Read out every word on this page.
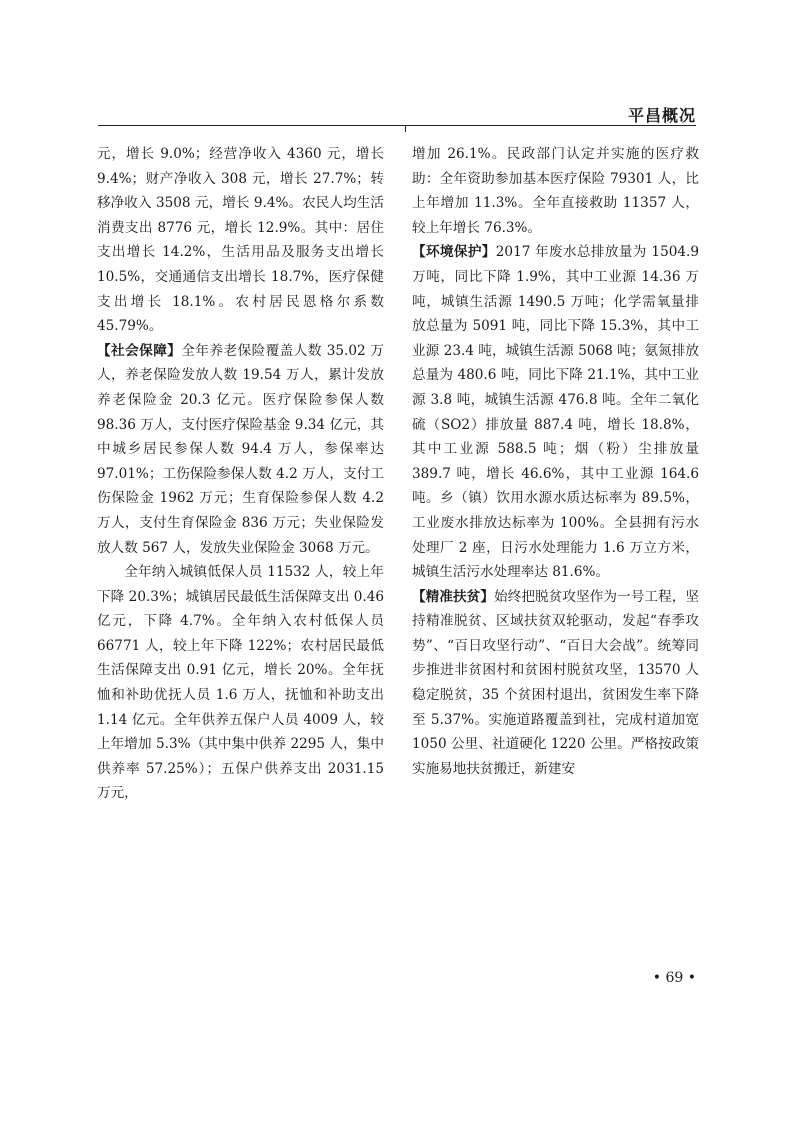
平昌概况

元，增长 9.0%；经营净收入 4360 元，增长 9.4%；财产净收入 308 元，增长 27.7%；转移净收入 3508 元，增长 9.4%。农民人均生活消费支出 8776 元，增长 12.9%。其中：居住支出增长 14.2%，生活用品及服务支出增长 10.5%，交通通信支出增长 18.7%，医疗保健支出增长 18.1%。农村居民恩格尔系数 45.79%。

【社会保障】全年养老保险覆盖人数 35.02 万人，养老保险发放人数 19.54 万人，累计发放养老保险金 20.3 亿元。医疗保险参保人数 98.36 万人，支付医疗保险基金 9.34 亿元，其中城乡居民参保人数 94.4 万人，参保率达 97.01%；工伤保险参保人数 4.2 万人，支付工伤保险金 1962 万元；生育保险参保人数 4.2 万人，支付生育保险金 836 万元；失业保险发放人数 567 人，发放失业保险金 3068 万元。

全年纳入城镇低保人员 11532 人，较上年下降 20.3%；城镇居民最低生活保障支出 0.46 亿元，下降 4.7%。全年纳入农村低保人员 66771 人，较上年下降 122%；农村居民最低生活保障支出 0.91 亿元，增长 20%。全年抚恤和补助优抚人员 1.6 万人，抚恤和补助支出 1.14 亿元。全年供养五保户人员 4009 人，较上年增加 5.3%（其中集中供养 2295 人，集中供养率 57.25%）；五保户供养支出 2031.15 万元，

增加 26.1%。民政部门认定并实施的医疗救助：全年资助参加基本医疗保险 79301 人，比上年增加 11.3%。全年直接救助 11357 人，较上年增长 76.3%。

【环境保护】2017 年废水总排放量为 1504.9 万吨，同比下降 1.9%，其中工业源 14.36 万吨，城镇生活源 1490.5 万吨；化学需氧量排放总量为 5091 吨，同比下降 15.3%，其中工业源 23.4 吨，城镇生活源 5068 吨；氨氮排放总量为 480.6 吨，同比下降 21.1%，其中工业源 3.8 吨，城镇生活源 476.8 吨。全年二氧化硫（SO2）排放量 887.4 吨，增长 18.8%，其中工业源 588.5 吨；烟（粉）尘排放量 389.7 吨，增长 46.6%，其中工业源 164.6 吨。乡（镇）饮用水源水质达标率为 89.5%，工业废水排放达标率为 100%。全县拥有污水处理厂 2 座，日污水处理能力 1.6 万立方米，城镇生活污水处理率达 81.6%。

【精准扶贫】始终把脱贫攻坚作为一号工程，坚持精准脱贫、区域扶贫双轮驱动，发起“春季攻势”、“百日攻坚行动”、“百日大会战”。统筹同步推进非贫困村和贫困村脱贫攻坚，13570 人稳定脱贫，35 个贫困村退出，贫困发生率下降至 5.37%。实施道路覆盖到社，完成村道加宽 1050 公里、社道硬化 1220 公里。严格按政策实施易地扶贫搬迁，新建安

• 69 •
